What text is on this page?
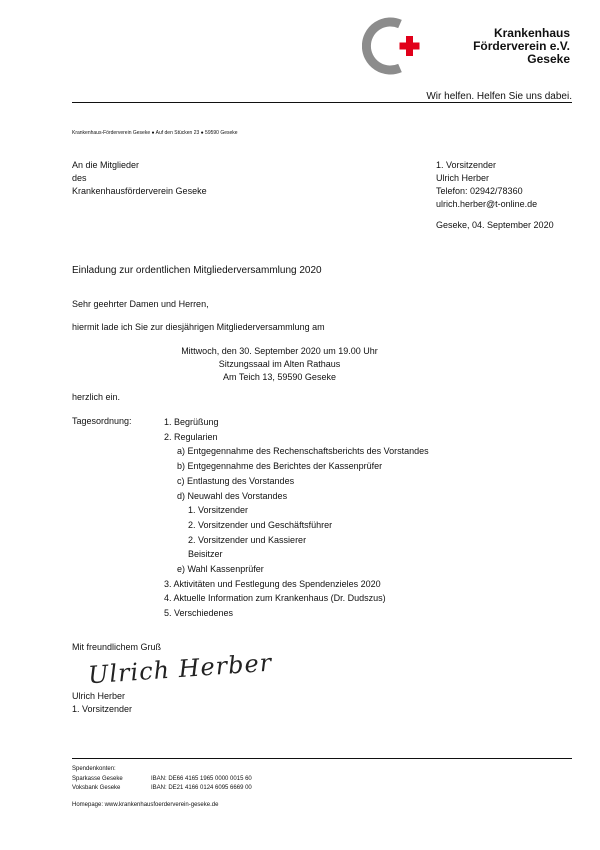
Krankenhaus
Förderverein e.V.
Geseke
Wir helfen. Helfen Sie uns dabei.
Krankenhaus-Förderverein Geseke ● Auf den Stücken 23 ● 59590 Geseke
An die Mitglieder
des
Krankenhausförderverein Geseke
1. Vorsitzender
Ulrich Herber
Telefon: 02942/78360
ulrich.herber@t-online.de
Geseke, 04. September 2020
Einladung zur ordentlichen Mitgliederversammlung 2020
Sehr geehrter Damen und Herren,
hiermit lade ich Sie zur diesjährigen Mitgliederversammlung am
Mittwoch, den 30. September 2020 um 19.00 Uhr
Sitzungssaal im Alten Rathaus
Am Teich 13, 59590 Geseke
herzlich ein.
Tagesordnung:	1. Begrüßung
2. Regularien
a) Entgegennahme des Rechenschaftsberichts des Vorstandes
b) Entgegennahme des Berichtes der Kassenprüfer
c) Entlastung des Vorstandes
d) Neuwahl des Vorstandes
1. Vorsitzender
2. Vorsitzender und Geschäftsführer
2. Vorsitzender und Kassierer
Beisitzer
e) Wahl Kassenprüfer
3. Aktivitäten und Festlegung des Spendenzieles 2020
4. Aktuelle Information zum Krankenhaus (Dr. Dudszus)
5. Verschiedenes
Mit freundlichem Gruß
Ulrich Herber
Ulrich Herber
1. Vorsitzender
Spendenkonten:
Sparkasse Geseke	IBAN: DE66 4165 1965 0000 0015 60
Voksbank Geseke	IBAN: DE21 4166 0124 6095 6669 00
Homepage: www.krankenhausfoerderverein-geseke.de
